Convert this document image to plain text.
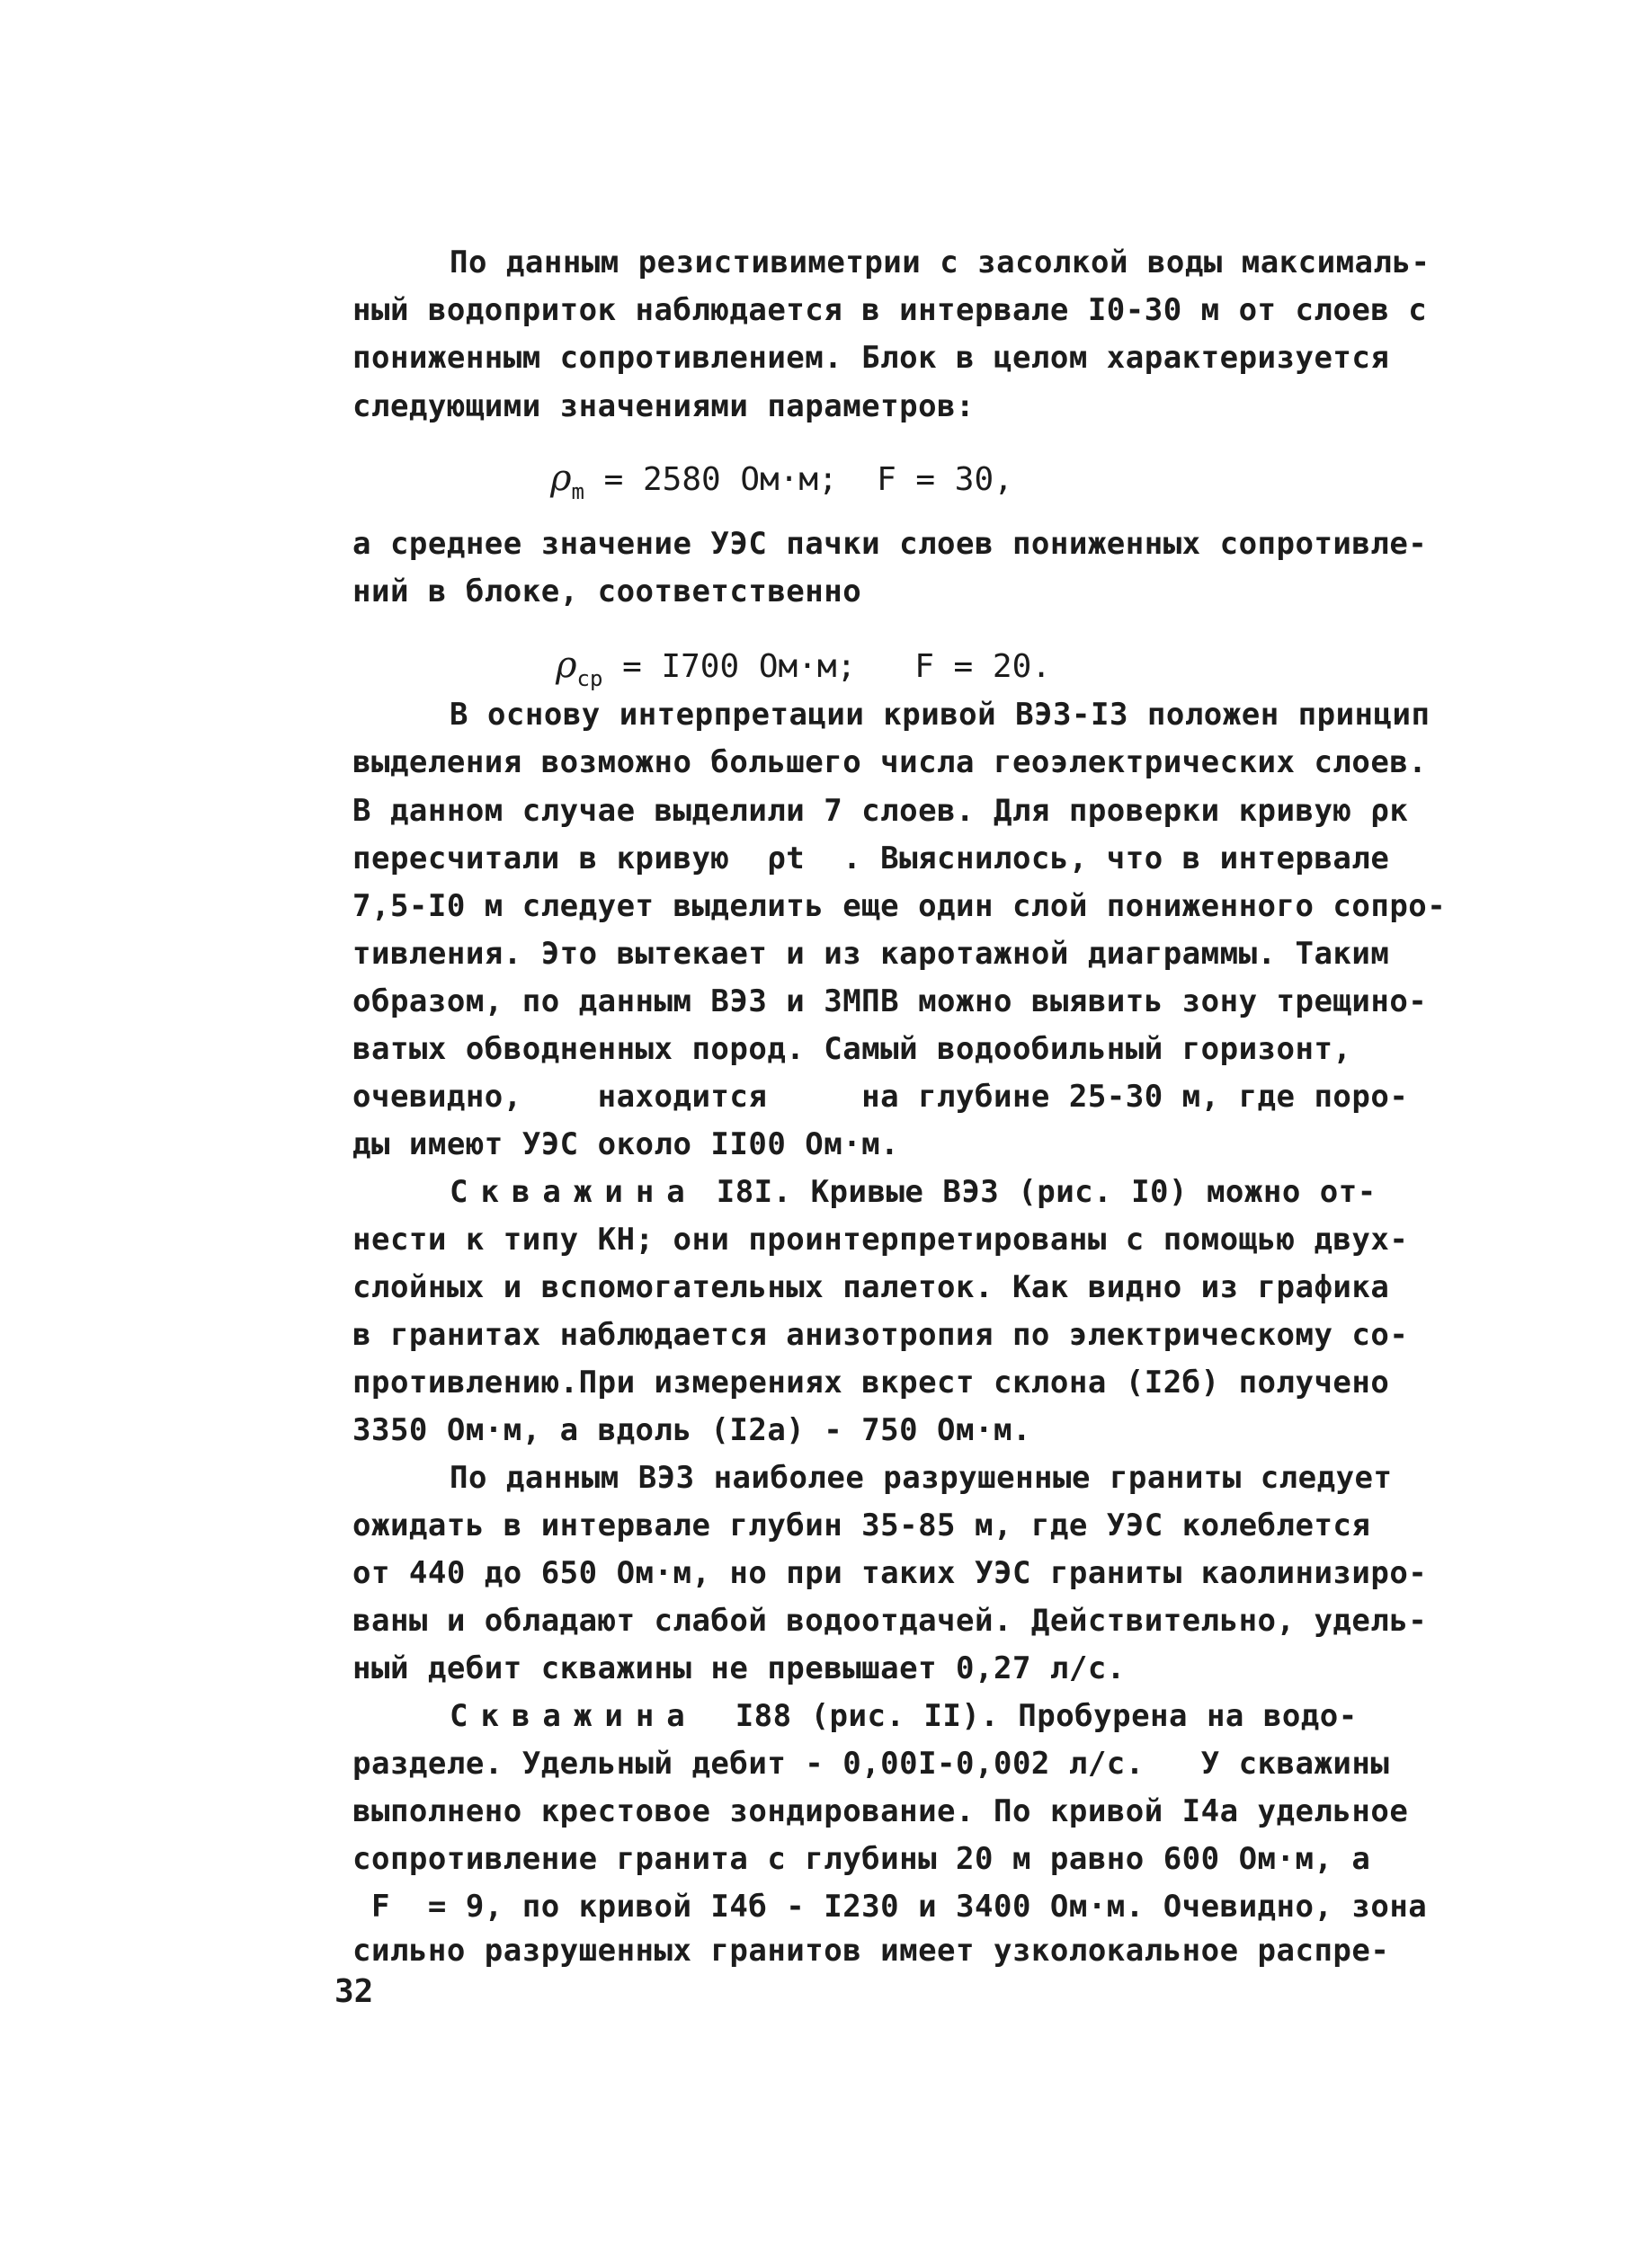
По данным резистивиметрии с засолкой воды максималь-
ный водоприток наблюдается в интервале I0-30 м от слоев с
пониженным сопротивлением. Блок в целом характеризуется
следующими значениями параметров:
$\rho_m = 2580$ Ом·м;  F = 30,
а среднее значение УЭС пачки слоев пониженных сопротивле-
ний в блоке, соответственно
$\rho_{ср} = I700$ Ом·м;   F = 20.
В основу интерпретации кривой ВЭЗ-I3 положен принцип
выделения возможно большего числа геоэлектрических слоев.
В данном случае выделили 7 слоев. Для проверки кривую ρк
пересчитали в кривую  ρt  . Выяснилось, что в интервале
7,5-I0 м следует выделить еще один слой пониженного сопро-
тивления. Это вытекает и из каротажной диаграммы. Таким
образом, по данным ВЭЗ и ЗМПВ можно выявить зону трещино-
ватых обводненных пород. Самый водообильный горизонт,
очевидно,    находится     на глубине 25-30 м, где поро-
ды имеют УЭС около II00 Ом·м.
Скважина I8I. Кривые ВЭЗ (рис. I0) можно от-
нести к типу КН; они проинтерпретированы с помощью двух-
слойных и вспомогательных палеток. Как видно из графика
в гранитах наблюдается анизотропия по электрическому со-
противлению.При измерениях вкрест склона (I2б) получено
3350 Ом·м, а вдоль (I2а) - 750 Ом·м.
По данным ВЭЗ наиболее разрушенные граниты следует
ожидать в интервале глубин 35-85 м, где УЭС колеблется
от 440 до 650 Ом·м, но при таких УЭС граниты каолинизиро-
ваны и обладают слабой водоотдачей. Действительно, удель-
ный дебит скважины не превышает 0,27 л/с.
Скважина  I88 (рис. II). Пробурена на водо-
разделе. Удельный дебит - 0,00I-0,002 л/с.   У скважины
выполнено крестовое зондирование. По кривой I4а удельное
сопротивление гранита с глубины 20 м равно 600 Ом·м, а
F  = 9, по кривой I4б - I230 и 3400 Ом·м. Очевидно, зона
сильно разрушенных гранитов имеет узколокальное распре-
32
